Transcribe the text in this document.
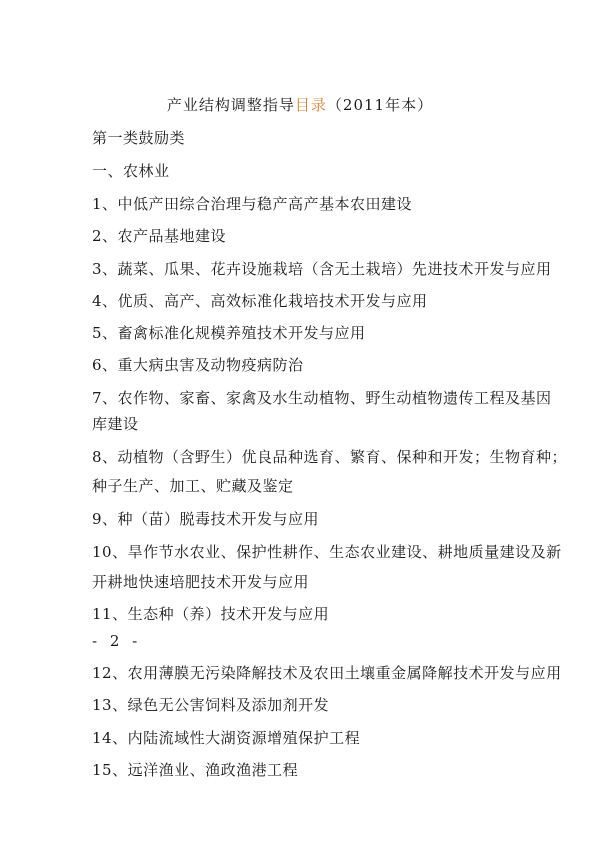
产业结构调整指导目录（2011年本）
第一类鼓励类
一、农林业
1、中低产田综合治理与稳产高产基本农田建设
2、农产品基地建设
3、蔬菜、瓜果、花卉设施栽培（含无土栽培）先进技术开发与应用
4、优质、高产、高效标准化栽培技术开发与应用
5、畜禽标准化规模养殖技术开发与应用
6、重大病虫害及动物疫病防治
7、农作物、家畜、家禽及水生动植物、野生动植物遗传工程及基因
库建设
8、动植物（含野生）优良品种选育、繁育、保种和开发；生物育种；
种子生产、加工、贮藏及鉴定
9、种（苗）脱毒技术开发与应用
10、旱作节水农业、保护性耕作、生态农业建设、耕地质量建设及新
开耕地快速培肥技术开发与应用
11、生态种（养）技术开发与应用
- 2 -
12、农用薄膜无污染降解技术及农田土壤重金属降解技术开发与应用
13、绿色无公害饲料及添加剂开发
14、内陆流域性大湖资源增殖保护工程
15、远洋渔业、渔政渔港工程
